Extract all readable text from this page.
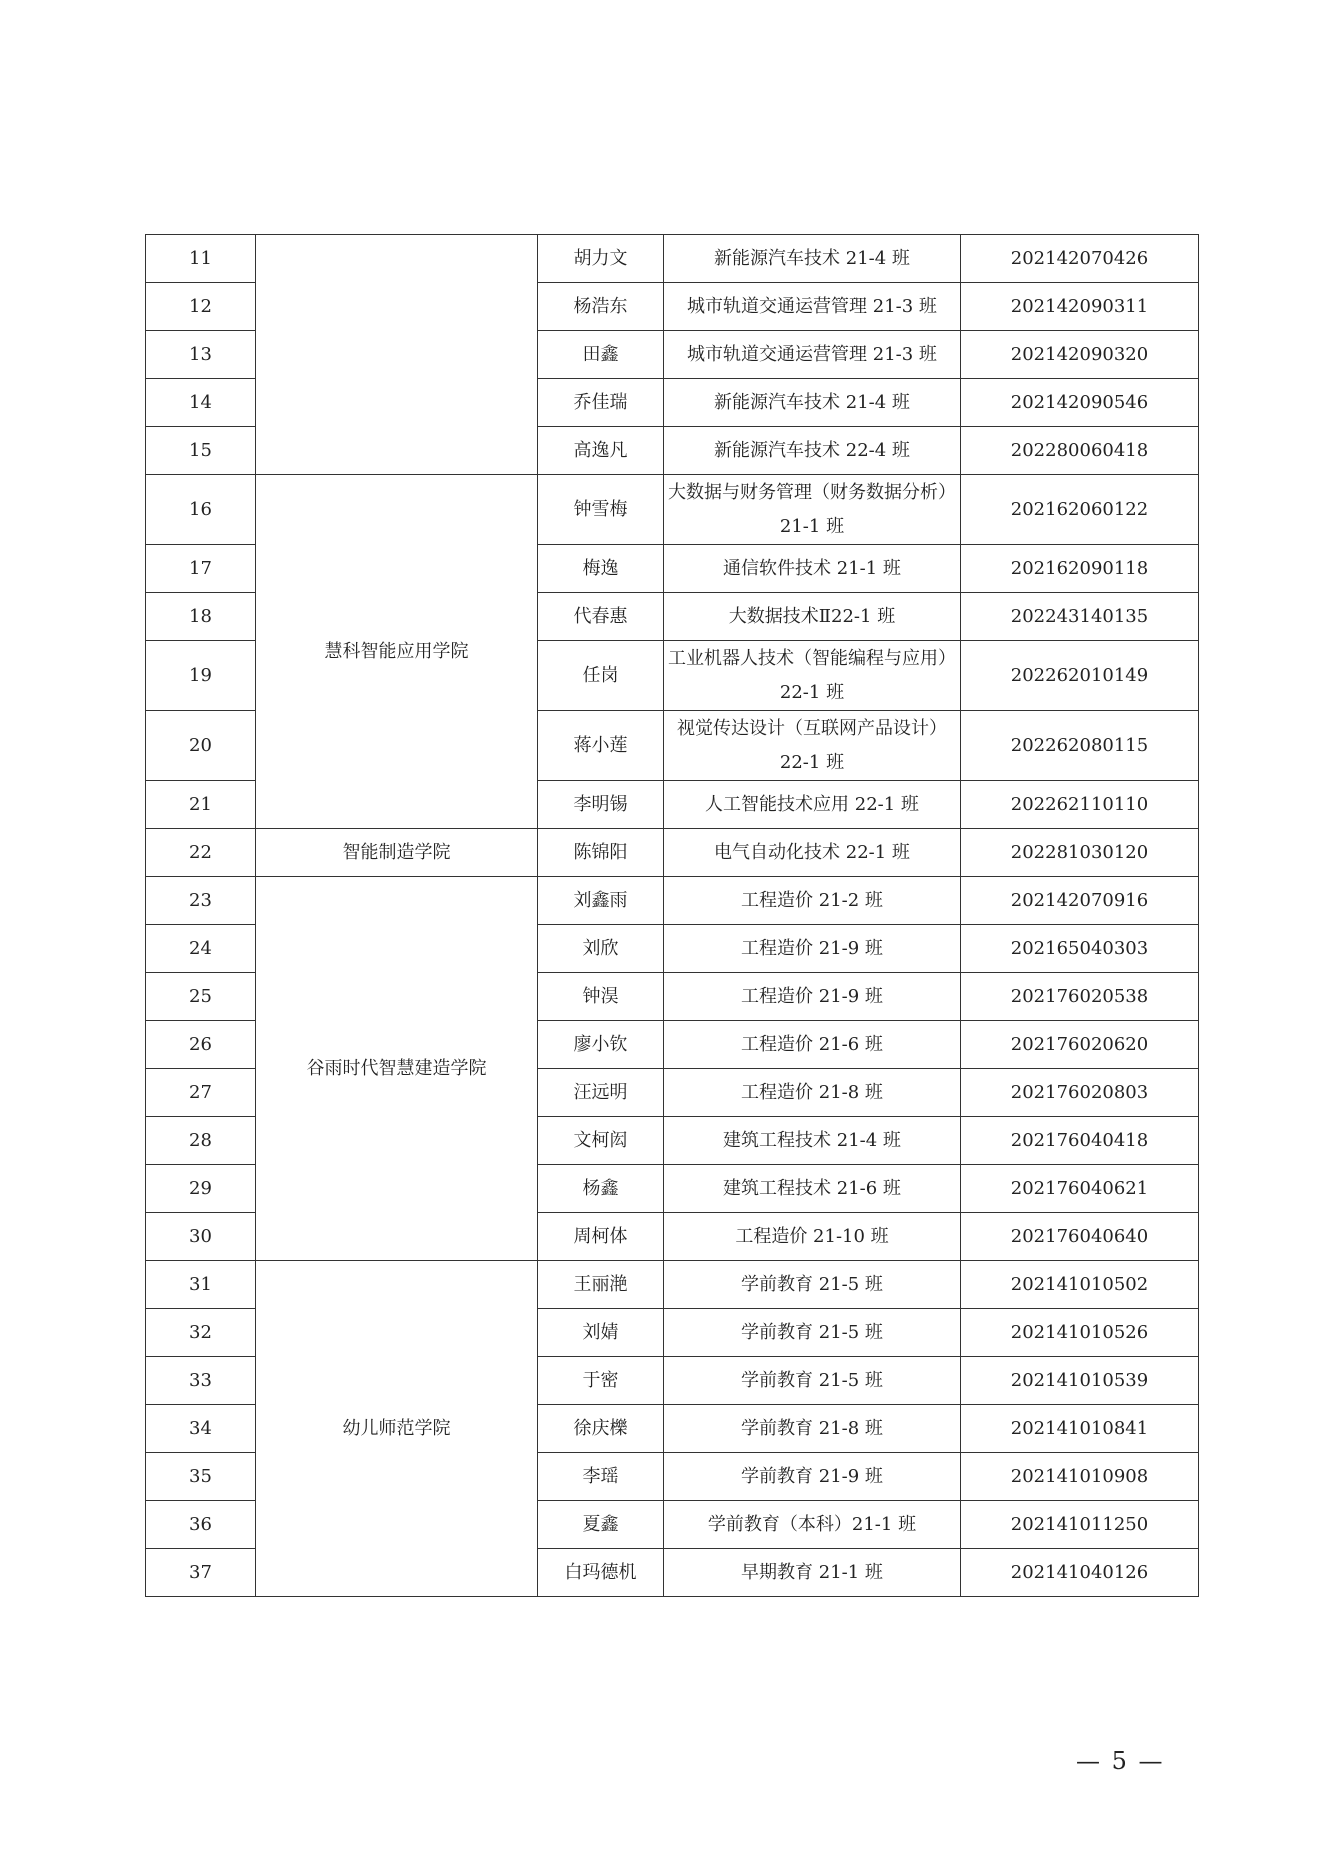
11		胡力文	新能源汽车技术 21-4 班	202142070426
12		杨浩东	城市轨道交通运营管理 21-3 班	202142090311
13		田鑫	城市轨道交通运营管理 21-3 班	202142090320
14		乔佳瑞	新能源汽车技术 21-4 班	202142090546
15		高逸凡	新能源汽车技术 22-4 班	202280060418
16	慧科智能应用学院	钟雪梅	大数据与财务管理（财务数据分析）21-1 班	202162060122
17		梅逸	通信软件技术 21-1 班	202162090118
18		代春惠	大数据技术Ⅱ22-1 班	202243140135
19		任岗	工业机器人技术（智能编程与应用）22-1 班	202262010149
20		蒋小莲	视觉传达设计（互联网产品设计）22-1 班	202262080115
21		李明锡	人工智能技术应用 22-1 班	202262110110
22	智能制造学院	陈锦阳	电气自动化技术 22-1 班	202281030120
23	谷雨时代智慧建造学院	刘鑫雨	工程造价 21-2 班	202142070916
24		刘欣	工程造价 21-9 班	202165040303
25		钟淏	工程造价 21-9 班	202176020538
26		廖小钦	工程造价 21-6 班	202176020620
27		汪远明	工程造价 21-8 班	202176020803
28		文柯闳	建筑工程技术 21-4 班	202176040418
29		杨鑫	建筑工程技术 21-6 班	202176040621
30		周柯体	工程造价 21-10 班	202176040640
31	幼儿师范学院	王丽滟	学前教育 21-5 班	202141010502
32		刘婧	学前教育 21-5 班	202141010526
33		于密	学前教育 21-5 班	202141010539
34		徐庆櫟	学前教育 21-8 班	202141010841
35		李瑶	学前教育 21-9 班	202141010908
36		夏鑫	学前教育（本科）21-1 班	202141011250
37		白玛德机	早期教育 21-1 班	202141040126
— 5 —
